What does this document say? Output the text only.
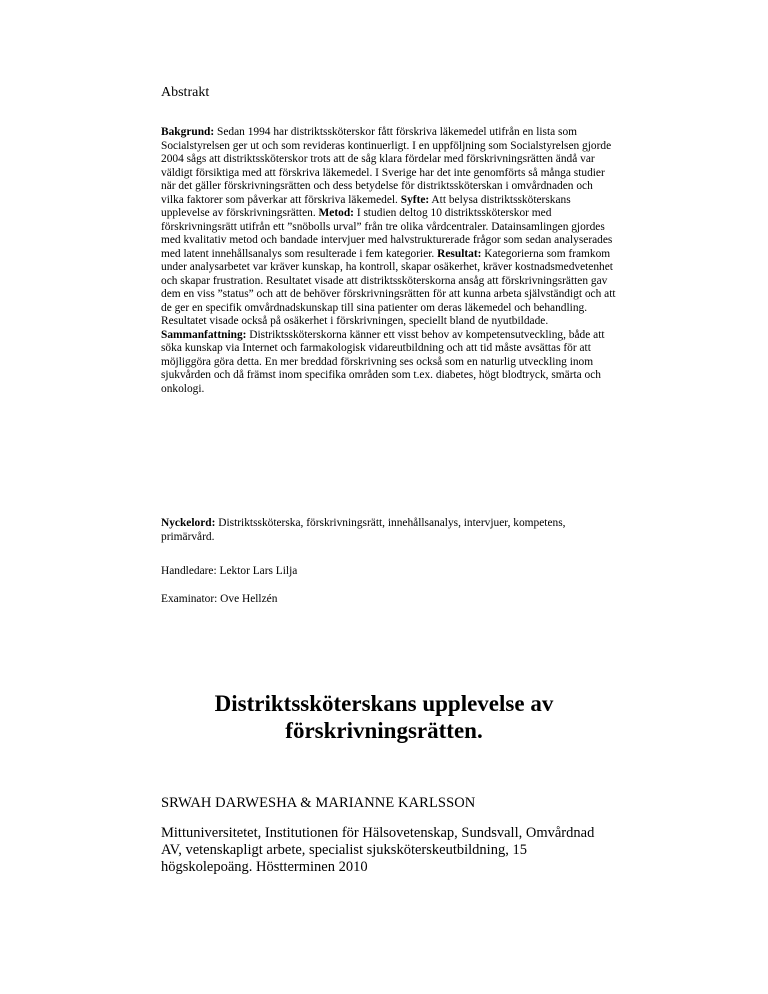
Abstrakt

Bakgrund: Sedan 1994 har distriktssköterskor fått förskriva läkemedel utifrån en lista som Socialstyrelsen ger ut och som revideras kontinuerligt. I en uppföljning som Socialstyrelsen gjorde 2004 sågs att distriktssköterskor trots att de såg klara fördelar med förskrivningsrätten ändå var väldigt försiktiga med att förskriva läkemedel. I Sverige har det inte genomförts så många studier när det gäller förskrivningsrätten och dess betydelse för distriktssköterskan i omvårdnaden och vilka faktorer som påverkar att förskriva läkemedel. Syfte: Att belysa distriktssköterskans upplevelse av förskrivningsrätten. Metod: I studien deltog 10 distriktssköterskor med förskrivningsrätt utifrån ett ”snöbolls urval” från tre olika vårdcentraler. Datainsamlingen gjordes med kvalitativ metod och bandade intervjuer med halvstrukturerade frågor som sedan analyserades med latent innehållsanalys som resulterade i fem kategorier. Resultat: Kategorierna som framkom under analysarbetet var kräver kunskap, ha kontroll, skapar osäkerhet, kräver kostnadsmedvetenhet och skapar frustration. Resultatet visade att distriktssköterskorna ansåg att förskrivningsrätten gav dem en viss ”status” och att de behöver förskrivningsrätten för att kunna arbeta självständigt och att de ger en specifik omvårdnadskunskap till sina patienter om deras läkemedel och behandling. Resultatet visade också på osäkerhet i förskrivningen, speciellt bland de nyutbildade. Sammanfattning: Distriktssköterskorna känner ett visst behov av kompetensutveckling, både att söka kunskap via Internet och farmakologisk vidareutbildning och att tid måste avsättas för att möjliggöra göra detta. En mer breddad förskrivning ses också som en naturlig utveckling inom sjukvården och då främst inom specifika områden som t.ex. diabetes, högt blodtryck, smärta och onkologi.

Nyckelord: Distriktssköterska, förskrivningsrätt, innehållsanalys, intervjuer, kompetens, primärvård.

Handledare: Lektor Lars Lilja

Examinator: Ove Hellzén

Distriktssköterskans upplevelse av förskrivningsrätten.

SRWAH DARWESHA & MARIANNE KARLSSON

Mittuniversitetet, Institutionen för Hälsovetenskap, Sundsvall, Omvårdnad AV, vetenskapligt arbete, specialist sjuksköterskeutbildning, 15 högskolepoäng. Höstterminen 2010
